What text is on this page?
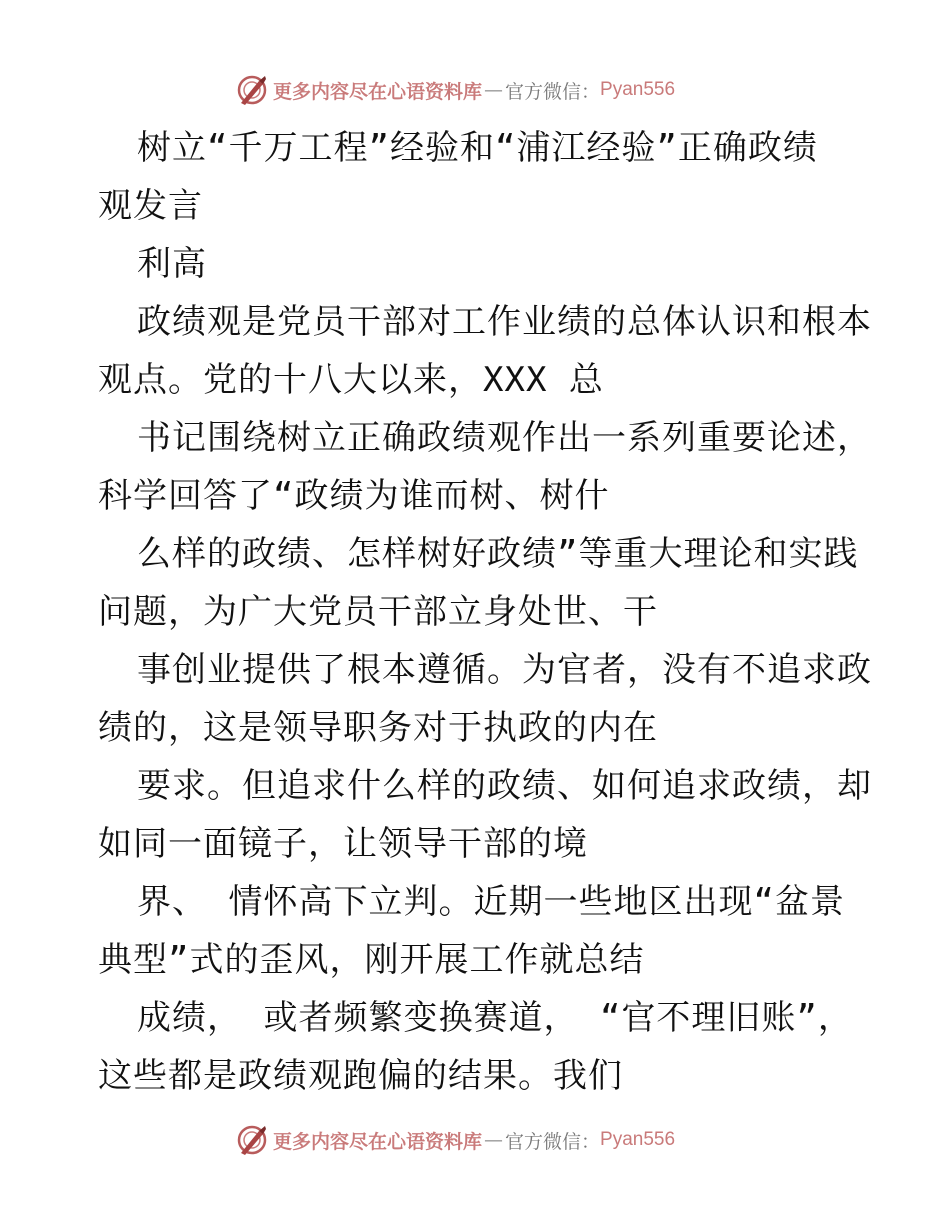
更多内容尽在心语资料库 — 官方微信： Pyan556
树立“千万工程”经验和“浦江经验”正确政绩
观发言
利高
政绩观是党员干部对工作业绩的总体认识和根本
观点。党的十八大以来，XXX 总
书记围绕树立正确政绩观作出一系列重要论述，
科学回答了“政绩为谁而树、树什
么样的政绩、怎样树好政绩”等重大理论和实践
问题，为广大党员干部立身处世、干
事创业提供了根本遵循。为官者，没有不追求政
绩的，这是领导职务对于执政的内在
要求。但追求什么样的政绩、如何追求政绩，却
如同一面镜子，让领导干部的境
界、 情怀高下立判。近期一些地区出现“盆景
典型”式的歪风，刚开展工作就总结
成绩， 或者频繁变换赛道， “官不理旧账”，
这些都是政绩观跑偏的结果。我们
更多内容尽在心语资料库 — 官方微信： Pyan556
